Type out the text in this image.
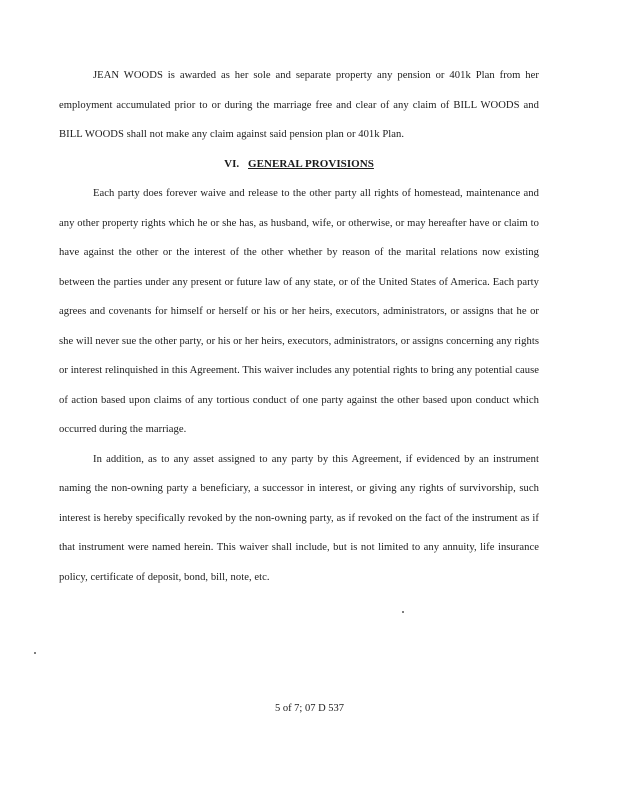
JEAN WOODS is awarded as her sole and separate property any pension or 401k Plan from her employment accumulated prior to or during the marriage free and clear of any claim of BILL WOODS and BILL WOODS shall not make any claim against said pension plan or 401k Plan.

VI. GENERAL PROVISIONS

Each party does forever waive and release to the other party all rights of homestead, maintenance and any other property rights which he or she has, as husband, wife, or otherwise, or may hereafter have or claim to have against the other or the interest of the other whether by reason of the marital relations now existing between the parties under any present or future law of any state, or of the United States of America. Each party agrees and covenants for himself or herself or his or her heirs, executors, administrators, or assigns that he or she will never sue the other party, or his or her heirs, executors, administrators, or assigns concerning any rights or interest relinquished in this Agreement. This waiver includes any potential rights to bring any potential cause of action based upon claims of any tortious conduct of one party against the other based upon conduct which occurred during the marriage.

In addition, as to any asset assigned to any party by this Agreement, if evidenced by an instrument naming the non-owning party a beneficiary, a successor in interest, or giving any rights of survivorship, such interest is hereby specifically revoked by the non-owning party, as if revoked on the fact of the instrument as if that instrument were named herein. This waiver shall include, but is not limited to any annuity, life insurance policy, certificate of deposit, bond, bill, note, etc.

5 of 7; 07 D 537
